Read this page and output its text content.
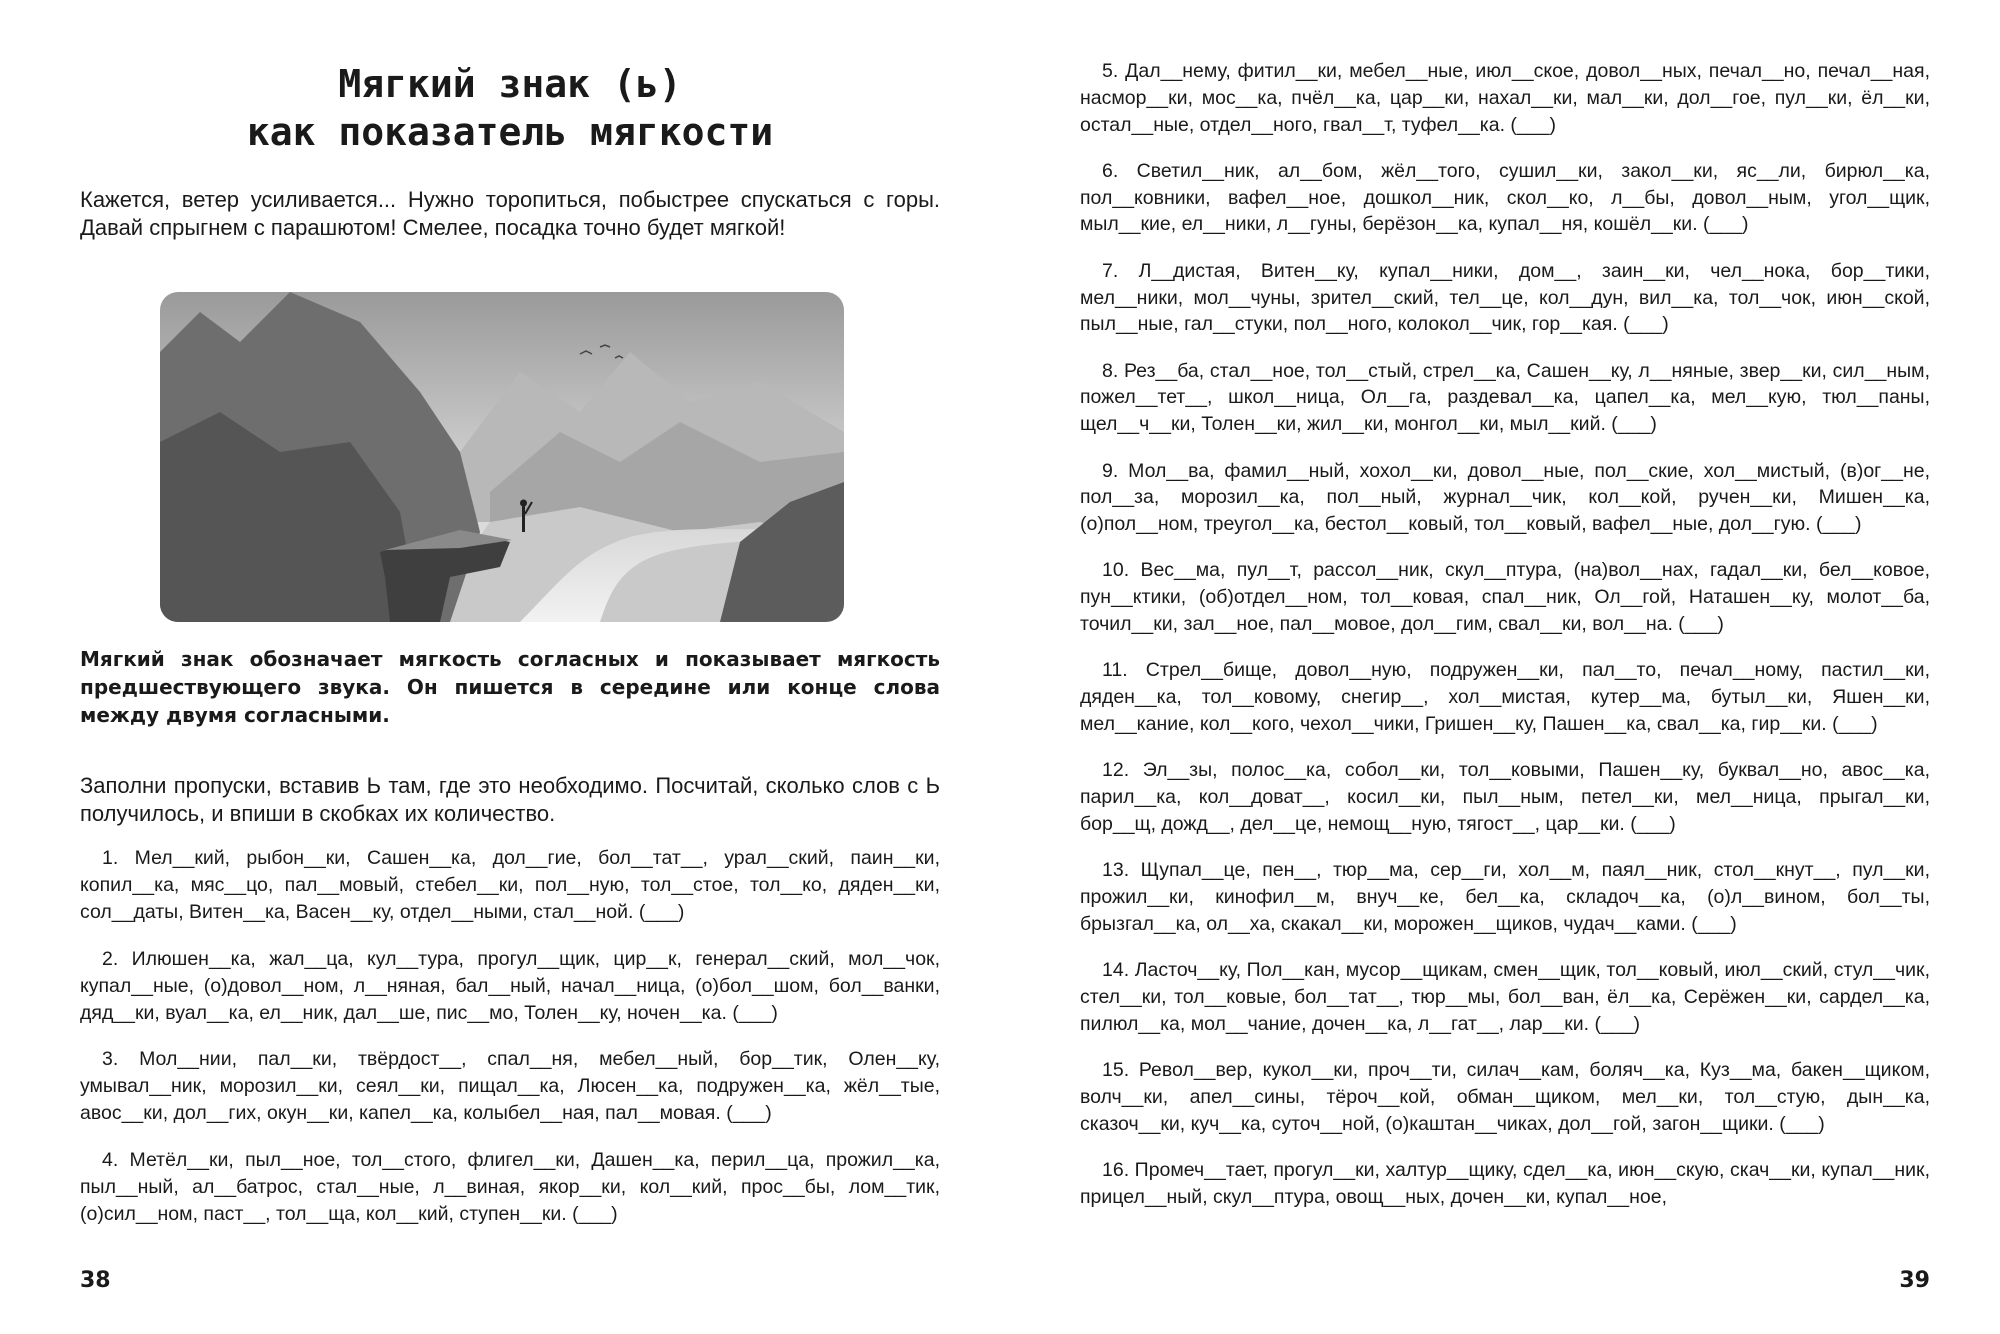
Мягкий знак (ь)
как показатель мягкости
Кажется, ветер усиливается... Нужно торопиться, побыстрее спускаться с горы. Давай спрыгнем с парашютом! Смелее, посадка точно будет мягкой!
Мягкий знак обозначает мягкость согласных и показывает мягкость предшествующего звука. Он пишется в середине или конце слова между двумя согласными.
Заполни пропуски, вставив Ь там, где это необходимо. Посчитай, сколько слов с Ь получилось, и впиши в скобках их количество.

1. Мел__кий, рыбон__ки, Сашен__ка, дол__гие, бол__тат__, урал__ский, паин__ки, копил__ка, мяс__цо, пал__мовый, стебел__ки, пол__ную, тол__стое, тол__ко, дяден__ки, сол__даты, Витен__ка, Васен__ку, отдел__ными, стал__ной. (___)

2. Илюшен__ка, жал__ца, кул__тура, прогул__щик, цир__к, генерал__ский, мол__чок, купал__ные, (о)довол__ном, л__няная, бал__ный, начал__ница, (о)бол__шом, бол__ванки, дяд__ки, вуал__ка, ел__ник, дал__ше, пис__мо, Толен__ку, ночен__ка. (___)

3. Мол__нии, пал__ки, твёрдост__, спал__ня, мебел__ный, бор__тик, Олен__ку, умывал__ник, морозил__ки, сеял__ки, пищал__ка, Люсен__ка, подружен__ка, жёл__тые, авос__ки, дол__гих, окун__ки, капел__ка, колыбел__ная, пал__мовая. (___)

4. Метёл__ки, пыл__ное, тол__стого, флигел__ки, Дашен__ка, перил__ца, прожил__ка, пыл__ный, ал__батрос, стал__ные, л__виная, якор__ки, кол__кий, прос__бы, лом__тик, (о)сил__ном, паст__, тол__ща, кол__кий, ступен__ки. (___)

38

5. Дал__нему, фитил__ки, мебел__ные, июл__ское, довол__ных, печал__но, печал__ная, насмор__ки, мос__ка, пчёл__ка, цар__ки, нахал__ки, мал__ки, дол__гое, пул__ки, ёл__ки, остал__ные, отдел__ного, гвал__т, туфел__ка. (___)

6. Светил__ник, ал__бом, жёл__того, сушил__ки, закол__ки, яс__ли, бирюл__ка, пол__ковники, вафел__ное, дошкол__ник, скол__ко, л__бы, довол__ным, угол__щик, мыл__кие, ел__ники, л__гуны, берёзон__ка, купал__ня, кошёл__ки. (___)

7. Л__дистая, Витен__ку, купал__ники, дом__, заин__ки, чел__нока, бор__тики, мел__ники, мол__чуны, зрител__ский, тел__це, кол__дун, вил__ка, тол__чок, июн__ской, пыл__ные, гал__стуки, пол__ного, колокол__чик, гор__кая. (___)

8. Рез__ба, стал__ное, тол__стый, стрел__ка, Сашен__ку, л__няные, звер__ки, сил__ным, пожел__тет__, школ__ница, Ол__га, раздевал__ка, цапел__ка, мел__кую, тюл__паны, щел__ч__ки, Толен__ки, жил__ки, монгол__ки, мыл__кий. (___)

9. Мол__ва, фамил__ный, хохол__ки, довол__ные, пол__ские, хол__мистый, (в)ог__не, пол__за, морозил__ка, пол__ный, журнал__чик, кол__кой, ручен__ки, Мишен__ка, (о)пол__ном, треугол__ка, бестол__ковый, тол__ковый, вафел__ные, дол__гую. (___)

10. Вес__ма, пул__т, рассол__ник, скул__птура, (на)вол__нах, гадал__ки, бел__ковое, пун__ктики, (об)отдел__ном, тол__ковая, спал__ник, Ол__гой, Наташен__ку, молот__ба, точил__ки, зал__ное, пал__мовое, дол__гим, свал__ки, вол__на. (___)

11. Стрел__бище, довол__ную, подружен__ки, пал__то, печал__ному, пастил__ки, дяден__ка, тол__ковому, снегир__, хол__мистая, кутер__ма, бутыл__ки, Яшен__ки, мел__кание, кол__кого, чехол__чики, Гришен__ку, Пашен__ка, свал__ка, гир__ки. (___)

12. Эл__зы, полос__ка, собол__ки, тол__ковыми, Пашен__ку, буквал__но, авос__ка, парил__ка, кол__доват__, косил__ки, пыл__ным, петел__ки, мел__ница, прыгал__ки, бор__щ, дожд__, дел__це, немощ__ную, тягост__, цар__ки. (___)

13. Щупал__це, пен__, тюр__ма, сер__ги, хол__м, паял__ник, стол__кнут__, пул__ки, прожил__ки, кинофил__м, внуч__ке, бел__ка, складоч__ка, (о)л__вином, бол__ты, брызгал__ка, ол__ха, скакал__ки, морожен__щиков, чудач__ками. (___)

14. Ласточ__ку, Пол__кан, мусор__щикам, смен__щик, тол__ковый, июл__ский, стул__чик, стел__ки, тол__ковые, бол__тат__, тюр__мы, бол__ван, ёл__ка, Серёжен__ки, сардел__ка, пилюл__ка, мол__чание, дочен__ка, л__гат__, лар__ки. (___)

15. Револ__вер, кукол__ки, проч__ти, силач__кам, боляч__ка, Куз__ма, бакен__щиком, волч__ки, апел__сины, тёроч__кой, обман__щиком, мел__ки, тол__стую, дын__ка, сказоч__ки, куч__ка, суточ__ной, (о)каштан__чиках, дол__гой, загон__щики. (___)

16. Промеч__тает, прогул__ки, халтур__щику, сдел__ка, июн__скую, скач__ки, купал__ник, прицел__ный, скул__птура, овощ__ных, дочен__ки, купал__ное,

39
